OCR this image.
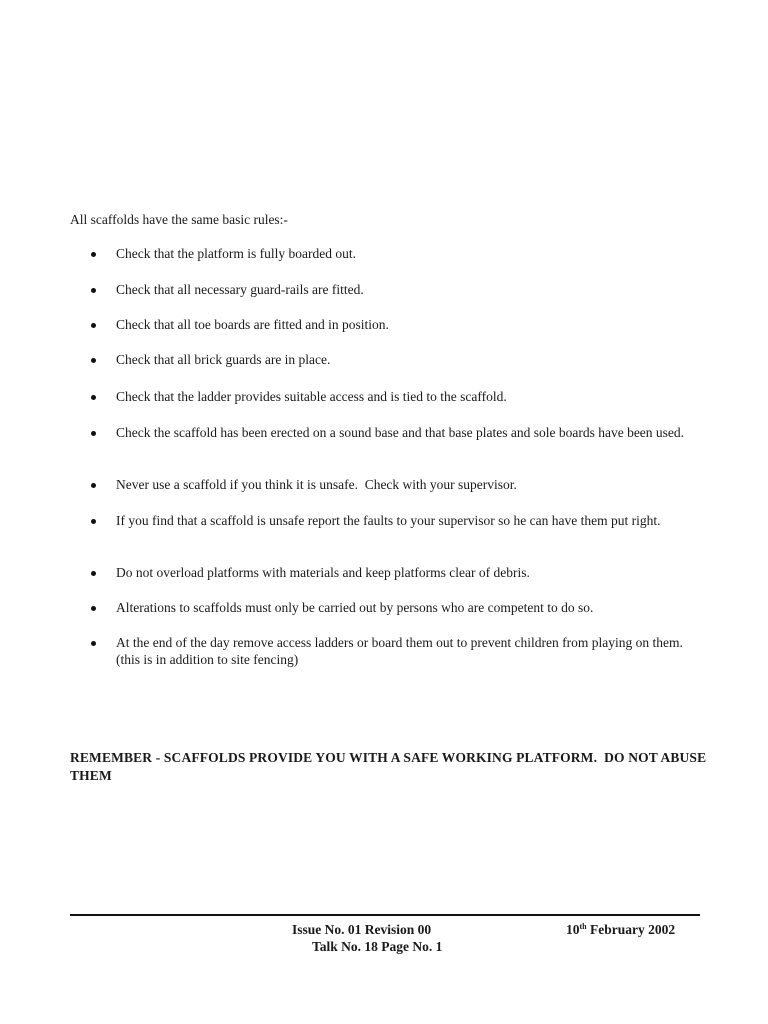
All scaffolds have the same basic rules:-

Check that the platform is fully boarded out.
Check that all necessary guard-rails are fitted.
Check that all toe boards are fitted and in position.
Check that all brick guards are in place.
Check that the ladder provides suitable access and is tied to the scaffold.
Check the scaffold has been erected on a sound base and that base plates and sole boards have been used.
Never use a scaffold if you think it is unsafe.  Check with your supervisor.
If you find that a scaffold is unsafe report the faults to your supervisor so he can have them put right.
Do not overload platforms with materials and keep platforms clear of debris.
Alterations to scaffolds must only be carried out by persons who are competent to do so.
At the end of the day remove access ladders or board them out to prevent children from playing on them. (this is in addition to site fencing)

REMEMBER - SCAFFOLDS PROVIDE YOU WITH A SAFE WORKING PLATFORM.  DO NOT ABUSE THEM

Issue No. 01 Revision 00
Talk No. 18 Page No. 1
10th February 2002
